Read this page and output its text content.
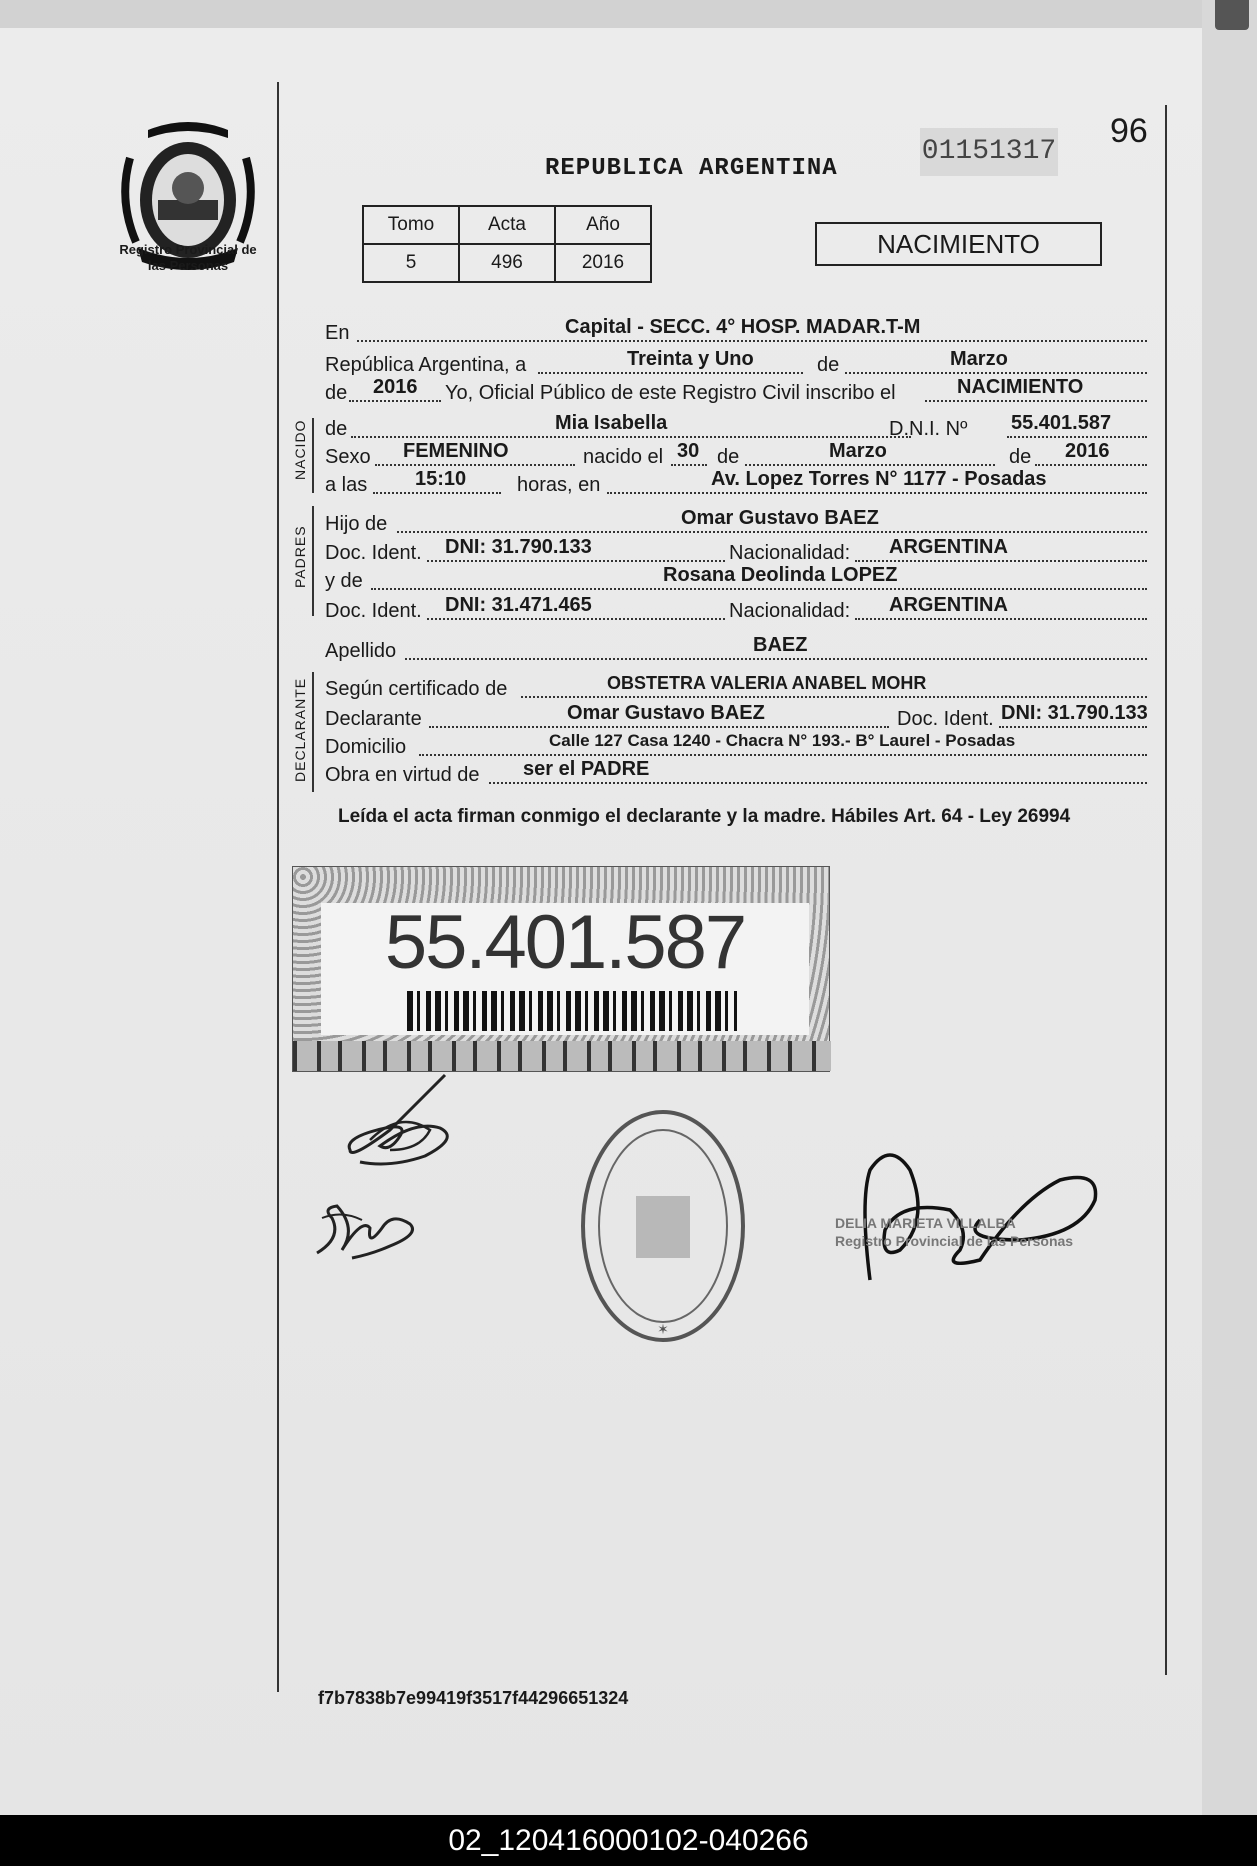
Registro Provincial de las Personas
REPUBLICA ARGENTINA
01151317
96
Tomo	Acta	Año
5	496	2016
NACIMIENTO
En	Capital - SECC. 4° HOSP. MADAR.T-M
República Argentina, a	Treinta y Uno	de	Marzo
de 2016 Yo, Oficial Público de este Registro Civil inscribo el	NACIMIENTO
NACIDO de	Mia Isabella	D.N.I. Nº 55.401.587
Sexo FEMENINO	nacido el 30 de	Marzo	de 2016
a las 15:10	horas, en	Av. Lopez Torres N° 1177 - Posadas
PADRES
Hijo de	Omar Gustavo BAEZ
Doc. Ident. DNI: 31.790.133	Nacionalidad: ARGENTINA
y de	Rosana Deolinda LOPEZ
Doc. Ident. DNI: 31.471.465	Nacionalidad: ARGENTINA
Apellido	BAEZ
DECLARANTE Según certificado de	OBSTETRA VALERIA ANABEL MOHR
Declarante	Omar Gustavo BAEZ	Doc. Ident. DNI: 31.790.133
Domicilio	Calle 127 Casa 1240 - Chacra N° 193.- B° Laurel - Posadas
Obra en virtud de ser el PADRE
Leída el acta firman conmigo el declarante y la madre. Hábiles Art. 64 - Ley 26994
55.401.587
✶
DELIA MARIETA VILLALBA
Registro Provincial de las Personas
f7b7838b7e99419f3517f44296651324
02_120416000102-040266
